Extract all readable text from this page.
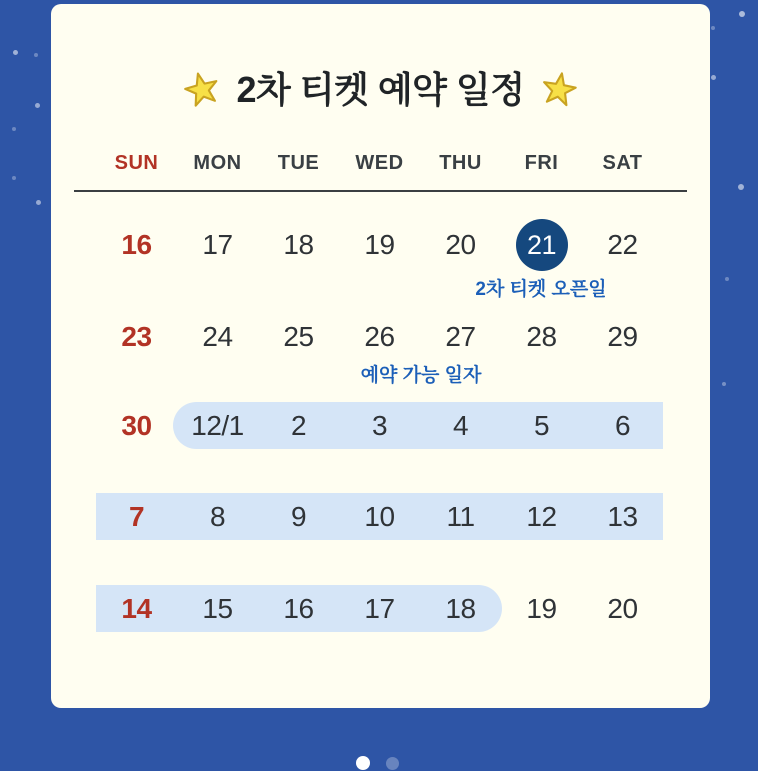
2차 티켓 예약 일정
SUN	MON	TUE	WED	THU	FRI	SAT
16	17	18	19	20	21	22
2차 티켓 오픈일
23	24	25	26	27	28	29
예약 가능 일자
30	12/1	2	3	4	5	6
7	8	9	10	11	12	13
14	15	16	17	18	19	20
